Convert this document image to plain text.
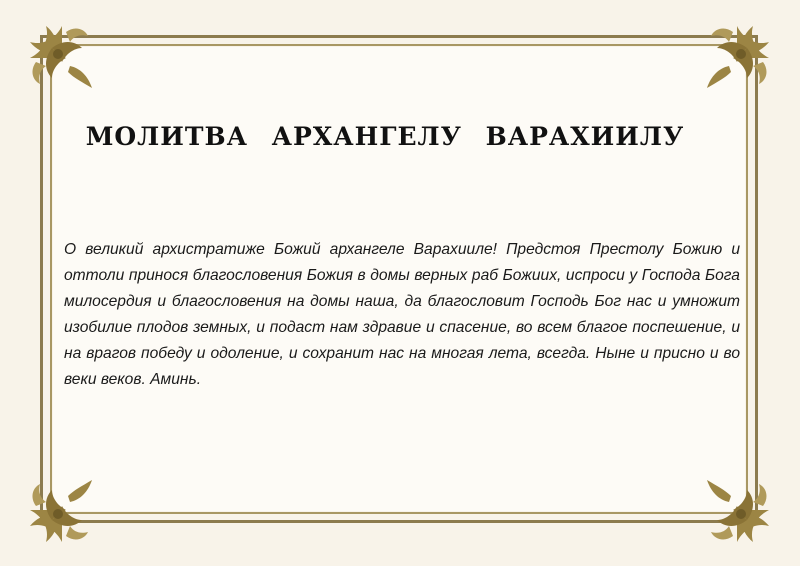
МОЛИТВА АРХАНГЕЛУ ВАРАХИИЛУ

О великий архистратиже Божий архангеле Варахииле! Предстоя Престолу Божию и оттоли принося благословения Божия в домы верных раб Божиих, испроси у Господа Бога милосердия и благословения на домы наша, да благословит Господь Бог нас и умножит изобилие плодов земных, и подаст нам здравие и спасение, во всем благое поспешение, и на врагов победу и одоление, и сохранит нас на многая лета, всегда. Ныне и присно и во веки веков. Аминь.
